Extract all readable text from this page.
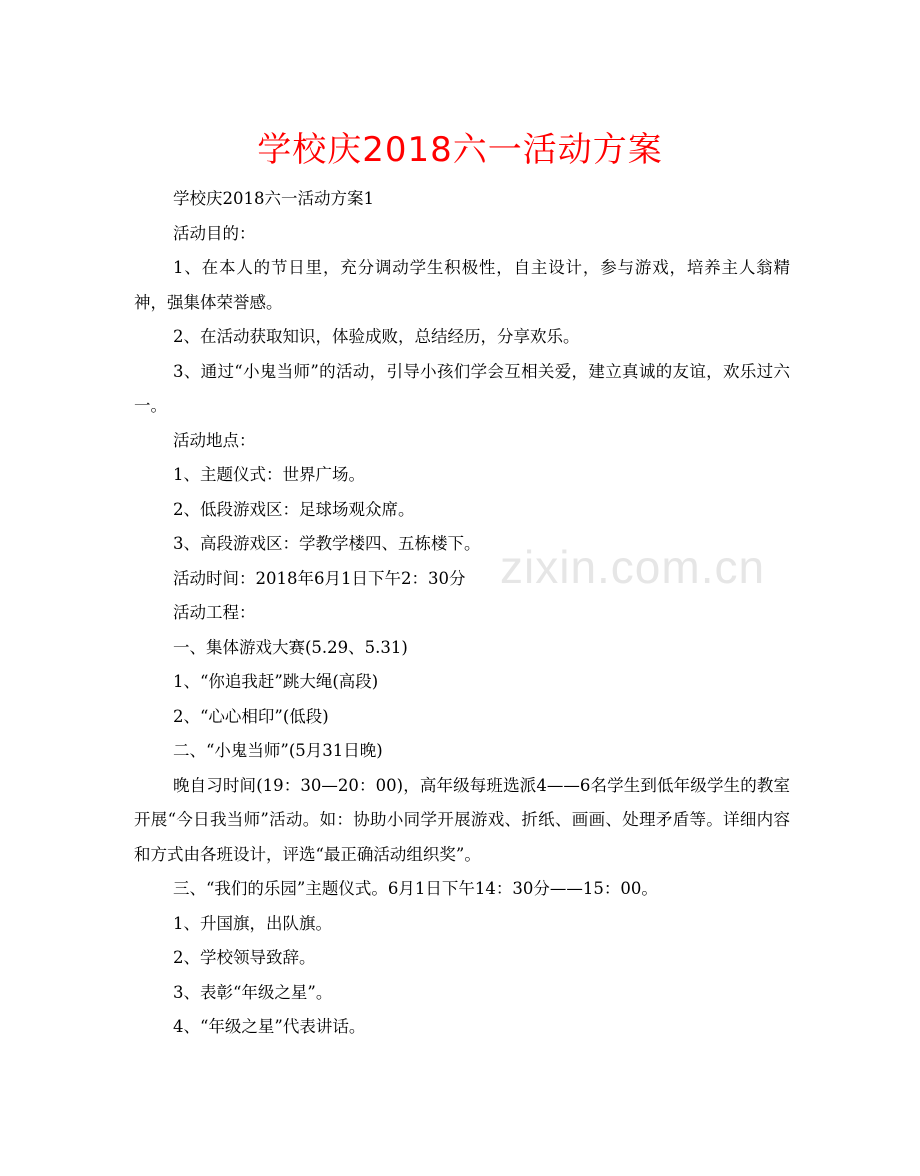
zixin.com.cn
学校庆2018六一活动方案

学校庆2018六一活动方案1

活动目的：

1、在本人的节日里，充分调动学生积极性，自主设计，参与游戏，培养主人翁精神，强集体荣誉感。

2、在活动获取知识，体验成败，总结经历，分享欢乐。

3、通过“小鬼当师”的活动，引导小孩们学会互相关爱，建立真诚的友谊，欢乐过六一。

活动地点：

1、主题仪式：世界广场。

2、低段游戏区：足球场观众席。

3、高段游戏区：学教学楼四、五栋楼下。

活动时间：2018年6月1日下午2：30分

活动工程：

一、集体游戏大赛(5.29、5.31)

1、“你追我赶”跳大绳(高段)

2、“心心相印”(低段)

二、“小鬼当师”(5月31日晚)

晚自习时间(19：30—20：00)，高年级每班选派4——6名学生到低年级学生的教室开展“今日我当师”活动。如：协助小同学开展游戏、折纸、画画、处理矛盾等。详细内容和方式由各班设计，评选“最正确活动组织奖”。

三、“我们的乐园”主题仪式。6月1日下午14：30分——15：00。

1、升国旗，出队旗。

2、学校领导致辞。

3、表彰“年级之星”。

4、“年级之星”代表讲话。
